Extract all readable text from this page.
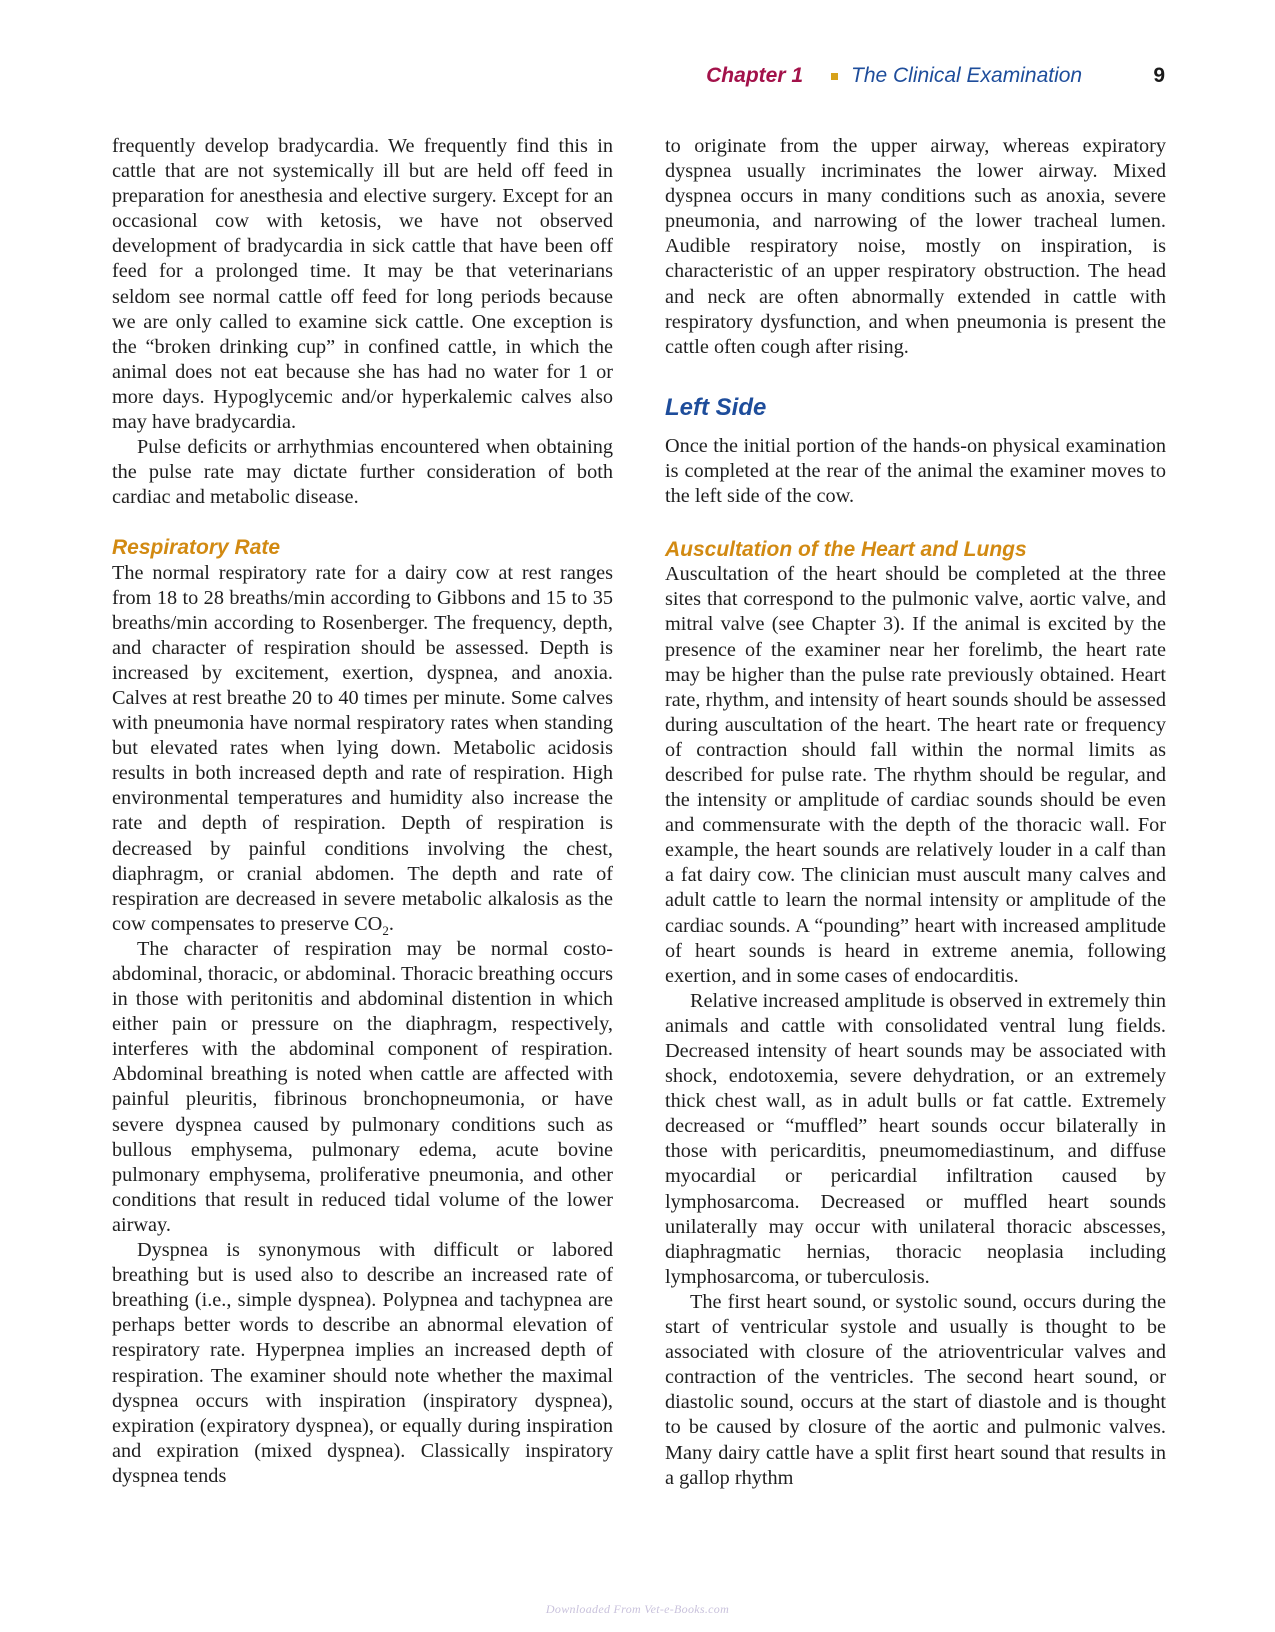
Chapter 1 The Clinical Examination	9

frequently develop bradycardia. We frequently find this in cattle that are not systemically ill but are held off feed in preparation for anesthesia and elective surgery. Except for an occasional cow with ketosis, we have not observed development of bradycardia in sick cattle that have been off feed for a prolonged time. It may be that veterinarians seldom see normal cattle off feed for long periods because we are only called to examine sick cattle. One exception is the “broken drinking cup” in confined cattle, in which the animal does not eat because she has had no water for 1 or more days. Hypoglycemic and/or hyperkalemic calves also may have bradycardia.

Pulse deficits or arrhythmias encountered when obtaining the pulse rate may dictate further consideration of both cardiac and metabolic disease.

Respiratory Rate

The normal respiratory rate for a dairy cow at rest ranges from 18 to 28 breaths/min according to Gibbons and 15 to 35 breaths/min according to Rosenberger. The frequency, depth, and character of respiration should be assessed. Depth is increased by excitement, exertion, dyspnea, and anoxia. Calves at rest breathe 20 to 40 times per minute. Some calves with pneumonia have normal respiratory rates when standing but elevated rates when lying down. Metabolic acidosis results in both increased depth and rate of respiration. High environmental temperatures and humidity also increase the rate and depth of respiration. Depth of respiration is decreased by painful conditions involving the chest, diaphragm, or cranial abdomen. The depth and rate of respiration are decreased in severe metabolic alkalosis as the cow compensates to preserve $CO_2$.

The character of respiration may be normal costoabdominal, thoracic, or abdominal. Thoracic breathing occurs in those with peritonitis and abdominal distention in which either pain or pressure on the diaphragm, respectively, interferes with the abdominal component of respiration. Abdominal breathing is noted when cattle are affected with painful pleuritis, fibrinous bronchopneumonia, or have severe dyspnea caused by pulmonary conditions such as bullous emphysema, pulmonary edema, acute bovine pulmonary emphysema, proliferative pneumonia, and other conditions that result in reduced tidal volume of the lower airway.

Dyspnea is synonymous with difficult or labored breathing but is used also to describe an increased rate of breathing (i.e., simple dyspnea). Polypnea and tachypnea are perhaps better words to describe an abnormal elevation of respiratory rate. Hyperpnea implies an increased depth of respiration. The examiner should note whether the maximal dyspnea occurs with inspiration (inspiratory dyspnea), expiration (expiratory dyspnea), or equally during inspiration and expiration (mixed dyspnea). Classically inspiratory dyspnea tends

to originate from the upper airway, whereas expiratory dyspnea usually incriminates the lower airway. Mixed dyspnea occurs in many conditions such as anoxia, severe pneumonia, and narrowing of the lower tracheal lumen. Audible respiratory noise, mostly on inspiration, is characteristic of an upper respiratory obstruction. The head and neck are often abnormally extended in cattle with respiratory dysfunction, and when pneumonia is present the cattle often cough after rising.

Left Side

Once the initial portion of the hands-on physical examination is completed at the rear of the animal the examiner moves to the left side of the cow.

Auscultation of the Heart and Lungs

Auscultation of the heart should be completed at the three sites that correspond to the pulmonic valve, aortic valve, and mitral valve (see Chapter 3). If the animal is excited by the presence of the examiner near her forelimb, the heart rate may be higher than the pulse rate previously obtained. Heart rate, rhythm, and intensity of heart sounds should be assessed during auscultation of the heart. The heart rate or frequency of contraction should fall within the normal limits as described for pulse rate. The rhythm should be regular, and the intensity or amplitude of cardiac sounds should be even and commensurate with the depth of the thoracic wall. For example, the heart sounds are relatively louder in a calf than a fat dairy cow. The clinician must auscult many calves and adult cattle to learn the normal intensity or amplitude of the cardiac sounds. A “pounding” heart with increased amplitude of heart sounds is heard in extreme anemia, following exertion, and in some cases of endocarditis.

Relative increased amplitude is observed in extremely thin animals and cattle with consolidated ventral lung fields. Decreased intensity of heart sounds may be associated with shock, endotoxemia, severe dehydration, or an extremely thick chest wall, as in adult bulls or fat cattle. Extremely decreased or “muffled” heart sounds occur bilaterally in those with pericarditis, pneumomediastinum, and diffuse myocardial or pericardial infiltration caused by lymphosarcoma. Decreased or muffled heart sounds unilaterally may occur with unilateral thoracic abscesses, diaphragmatic hernias, thoracic neoplasia including lymphosarcoma, or tuberculosis.

The first heart sound, or systolic sound, occurs during the start of ventricular systole and usually is thought to be associated with closure of the atrioventricular valves and contraction of the ventricles. The second heart sound, or diastolic sound, occurs at the start of diastole and is thought to be caused by closure of the aortic and pulmonic valves. Many dairy cattle have a split first heart sound that results in a gallop rhythm

Downloaded From Vet-e-Books.com
